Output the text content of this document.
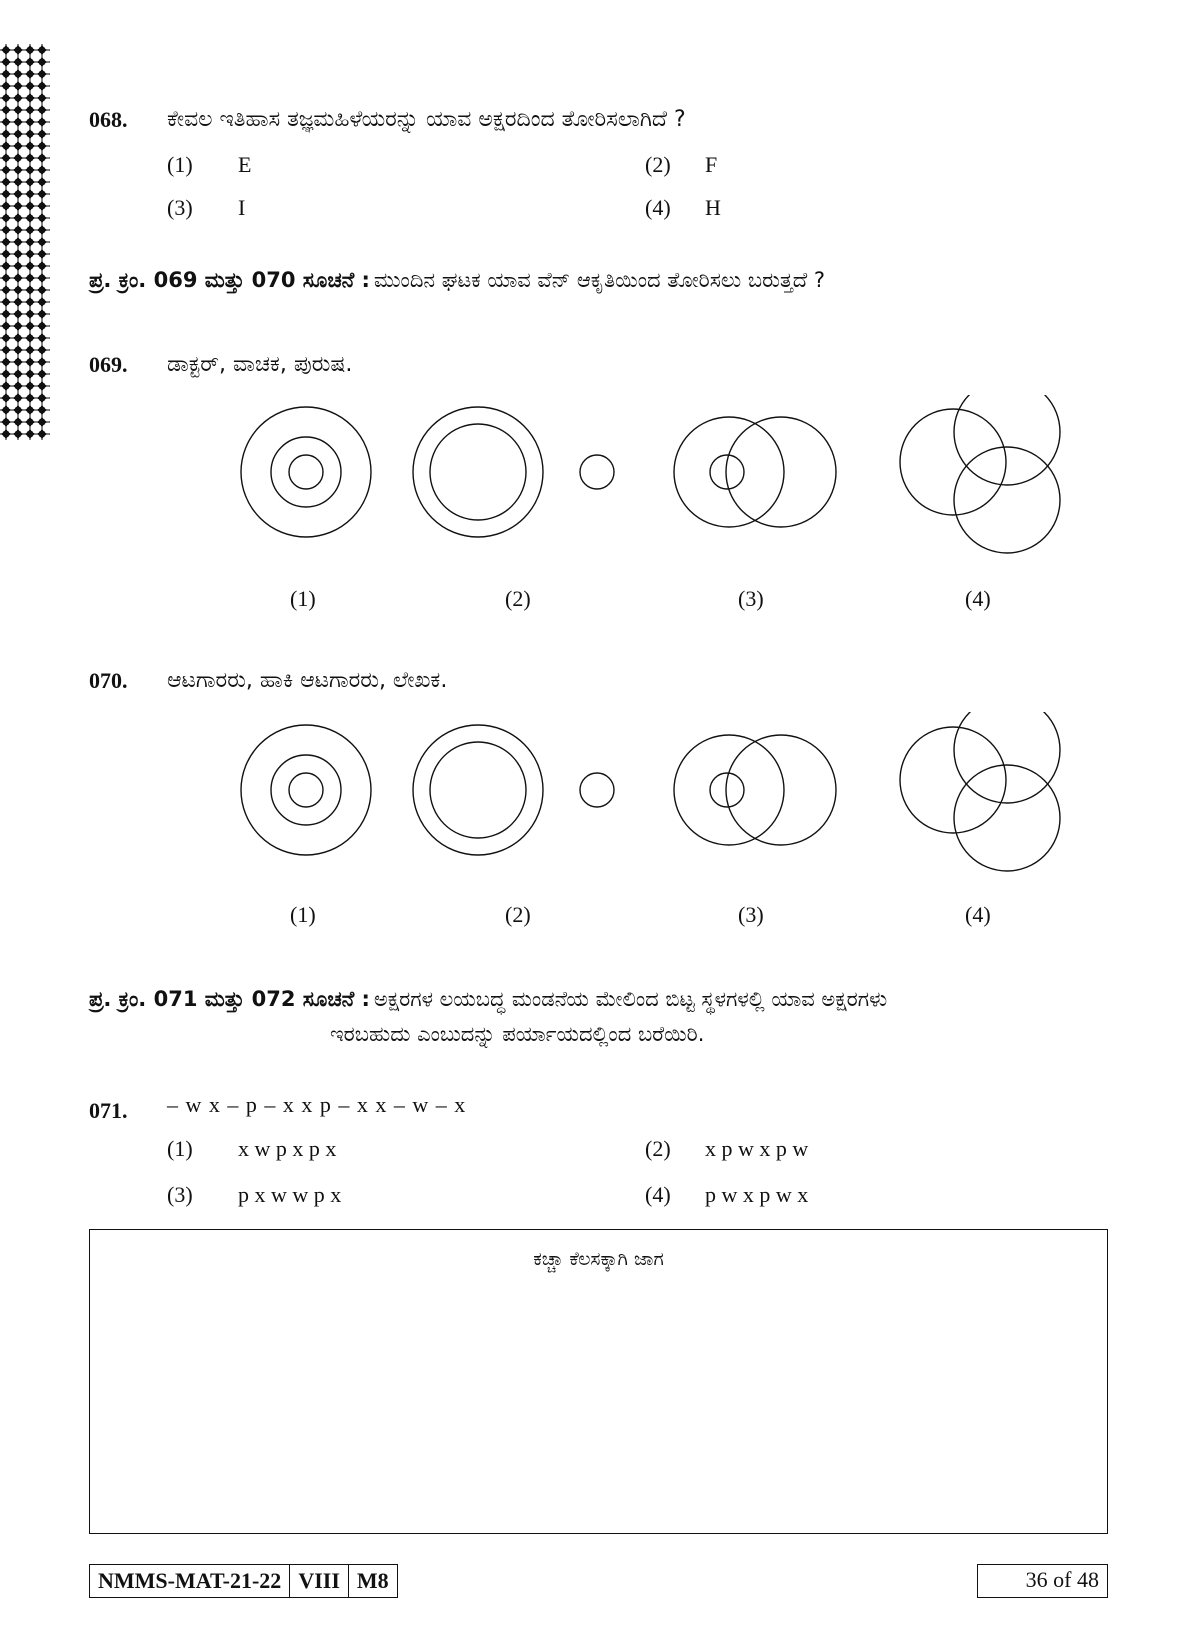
068. ಕೇವಲ ಇತಿಹಾಸ ತಜ್ಞಮಹಿಳೆಯರನ್ನು ಯಾವ ಅಕ್ಷರದಿಂದ ತೋರಿಸಲಾಗಿದೆ ?
(1) E	(2) F
(3) I	(4) H
ಪ್ರ. ಕ್ರಂ. 069 ಮತ್ತು 070 ಸೂಚನೆ : ಮುಂದಿನ ಘಟಕ ಯಾವ ವೆನ್ ಆಕೃತಿಯಿಂದ ತೋರಿಸಲು ಬರುತ್ತದೆ ?
069. ಡಾಕ್ಟರ್, ವಾಚಕ, ಪುರುಷ.
(1)	(2)	(3)	(4)
070. ಆಟಗಾರರು, ಹಾಕಿ ಆಟಗಾರರು, ಲೇಖಕ.
(1)	(2)	(3)	(4)
ಪ್ರ. ಕ್ರಂ. 071 ಮತ್ತು 072 ಸೂಚನೆ : ಅಕ್ಷರಗಳ ಲಯಬದ್ಧ ಮಂಡನೆಯ ಮೇಲಿಂದ ಬಿಟ್ಟ ಸ್ಥಳಗಳಲ್ಲಿ ಯಾವ ಅಕ್ಷರಗಳು
ಇರಬಹುದು ಎಂಬುದನ್ನು ಪರ್ಯಾಯದಲ್ಲಿಂದ ಬರೆಯಿರಿ.
071. – w x – p – x x p – x x – w – x
(1) x w p x p x	(2) x p w x p w
(3) p x w w p x	(4) p w x p w x
ಕಚ್ಚಾ ಕೆಲಸಕ್ಕಾಗಿ ಜಾಗ
NMMS-MAT-21-22 VIII M8	36 of 48
